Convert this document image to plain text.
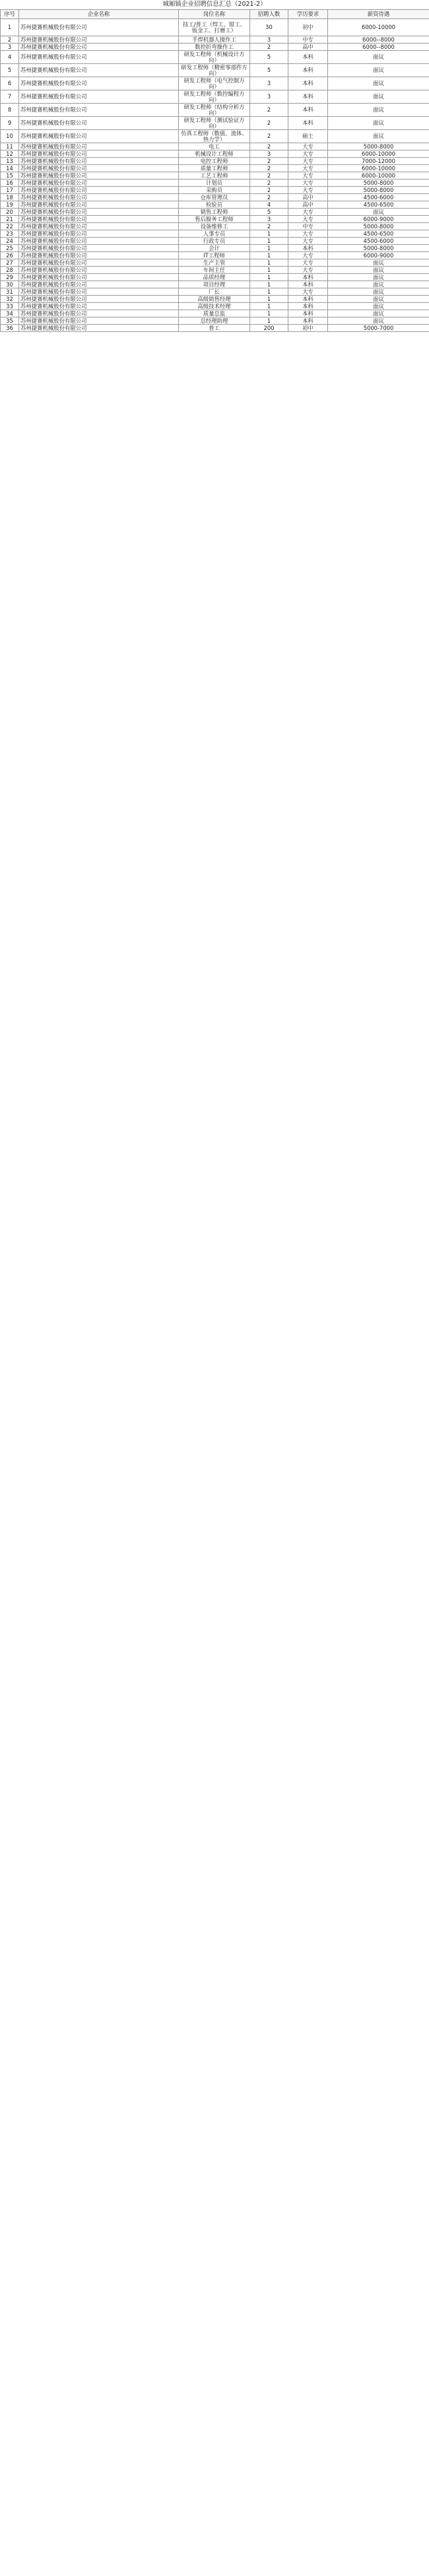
城厢镇企业招聘信息汇总（2021-2）
序号	企业名称	岗位名称	招聘人数	学历要求	薪资待遇
1	苏州捷赛机械股份有限公司	技工/普工（焊工、钳工、钣金工、打磨工）	30	初中	6000-10000
2	苏州捷赛机械股份有限公司	手焊机器人操作工	3	中专	6000--8000
3	苏州捷赛机械股份有限公司	数控折弯操作工	2	高中	6000--8000
4	苏州捷赛机械股份有限公司	研发工程师（机械设计方向）	5	本科	面议
5	苏州捷赛机械股份有限公司	研发工程师（精密零部件方向）	5	本科	面议
6	苏州捷赛机械股份有限公司	研发工程师（电气控制方向）	3	本科	面议
7	苏州捷赛机械股份有限公司	研发工程师（数控编程方向）	3	本科	面议
8	苏州捷赛机械股份有限公司	研发工程师（结构分析方向）	2	本科	面议
9	苏州捷赛机械股份有限公司	研发工程师（测试验证方向）	2	本科	面议
10	苏州捷赛机械股份有限公司	仿真工程师（数值、流体、热力学）	2	硕士	面议
11	苏州捷赛机械股份有限公司	电工	2	大专	5000-8000
12	苏州捷赛机械股份有限公司	机械设计工程师	3	大专	6000-10000
13	苏州捷赛机械股份有限公司	电控工程师	2	大专	7000-12000
14	苏州捷赛机械股份有限公司	质量工程师	2	大专	6000-10000
15	苏州捷赛机械股份有限公司	工艺工程师	2	大专	6000-10000
16	苏州捷赛机械股份有限公司	计划员	2	大专	5000-8000
17	苏州捷赛机械股份有限公司	采购员	2	大专	5000-8000
18	苏州捷赛机械股份有限公司	仓库管理员	2	高中	4500-6000
19	苏州捷赛机械股份有限公司	检验员	4	高中	4500-6500
20	苏州捷赛机械股份有限公司	销售工程师	5	大专	面议
21	苏州捷赛机械股份有限公司	售后服务工程师	3	大专	6000-9000
22	苏州捷赛机械股份有限公司	设备维修工	2	中专	5000-8000
23	苏州捷赛机械股份有限公司	人事专员	1	大专	4500-6500
24	苏州捷赛机械股份有限公司	行政专员	1	大专	4500-6000
25	苏州捷赛机械股份有限公司	会计	1	本科	5000-8000
26	苏州捷赛机械股份有限公司	IT工程师	1	大专	6000-9000
27	苏州捷赛机械股份有限公司	生产主管	1	大专	面议
28	苏州捷赛机械股份有限公司	车间主任	1	大专	面议
29	苏州捷赛机械股份有限公司	品质经理	1	本科	面议
30	苏州捷赛机械股份有限公司	项目经理	1	本科	面议
31	苏州捷赛机械股份有限公司	厂长	1	大专	面议
32	苏州捷赛机械股份有限公司	高级销售经理	1	本科	面议
33	苏州捷赛机械股份有限公司	高级技术经理	1	本科	面议
34	苏州捷赛机械股份有限公司	质量总监	1	本科	面议
35	苏州捷赛机械股份有限公司	总经理助理	1	本科	面议
36	苏州捷赛机械股份有限公司	普工	200	初中	5000-7000
